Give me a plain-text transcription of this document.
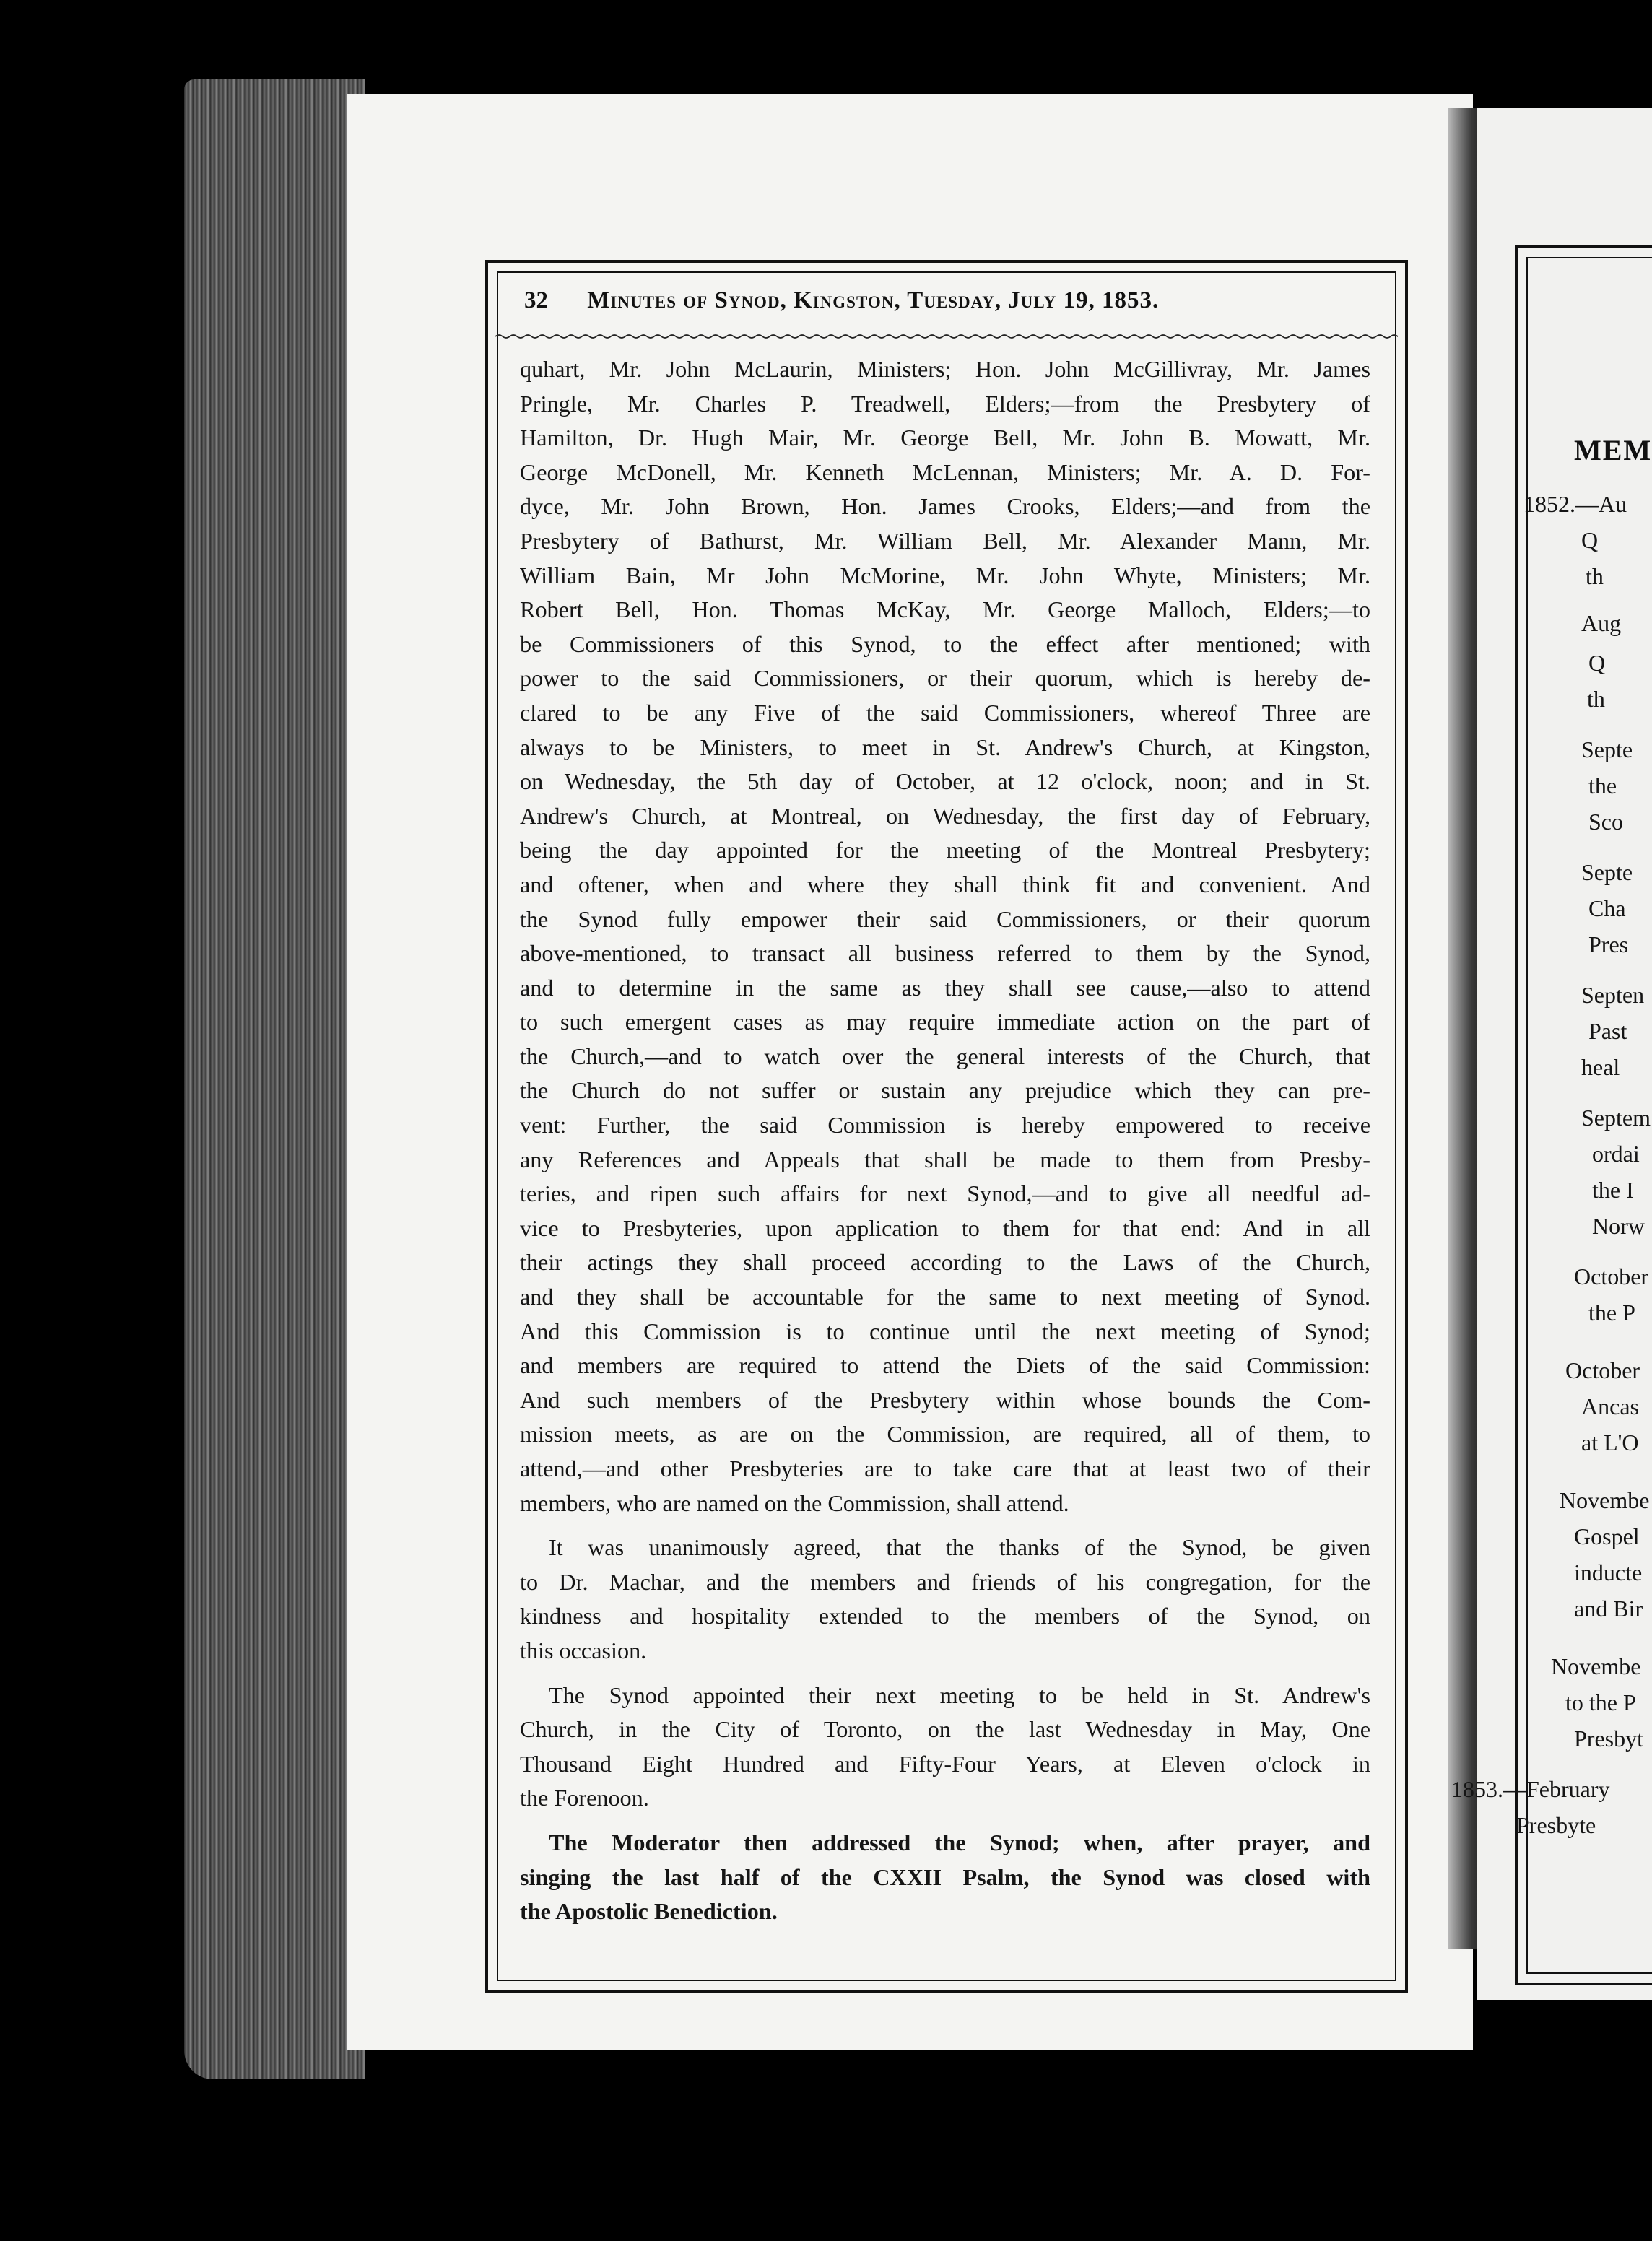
32 Minutes of Synod, Kingston, Tuesday, July 19, 1853.
quhart, Mr. John McLaurin, Ministers; Hon. John McGillivray, Mr. James
Pringle, Mr. Charles P. Treadwell, Elders;—from the Presbytery of
Hamilton, Dr. Hugh Mair, Mr. George Bell, Mr. John B. Mowatt, Mr.
George McDonell, Mr. Kenneth McLennan, Ministers; Mr. A. D. For-
dyce, Mr. John Brown, Hon. James Crooks, Elders;—and from the
Presbytery of Bathurst, Mr. William Bell, Mr. Alexander Mann, Mr.
William Bain, Mr John McMorine, Mr. John Whyte, Ministers; Mr.
Robert Bell, Hon. Thomas McKay, Mr. George Malloch, Elders;—to
be Commissioners of this Synod, to the effect after mentioned; with
power to the said Commissioners, or their quorum, which is hereby de-
clared to be any Five of the said Commissioners, whereof Three are
always to be Ministers, to meet in St. Andrew's Church, at Kingston,
on Wednesday, the 5th day of October, at 12 o'clock, noon; and in St.
Andrew's Church, at Montreal, on Wednesday, the first day of February,
being the day appointed for the meeting of the Montreal Presbytery;
and oftener, when and where they shall think fit and convenient. And
the Synod fully empower their said Commissioners, or their quorum
above-mentioned, to transact all business referred to them by the Synod,
and to determine in the same as they shall see cause,—also to attend
to such emergent cases as may require immediate action on the part of
the Church,—and to watch over the general interests of the Church, that
the Church do not suffer or sustain any prejudice which they can pre-
vent: Further, the said Commission is hereby empowered to receive
any References and Appeals that shall be made to them from Presby-
teries, and ripen such affairs for next Synod,—and to give all needful ad-
vice to Presbyteries, upon application to them for that end: And in all
their actings they shall proceed according to the Laws of the Church,
and they shall be accountable for the same to next meeting of Synod.
And this Commission is to continue until the next meeting of Synod;
and members are required to attend the Diets of the said Commission:
And such members of the Presbytery within whose bounds the Com-
mission meets, as are on the Commission, are required, all of them, to
attend,—and other Presbyteries are to take care that at least two of their
members, who are named on the Commission, shall attend.
It was unanimously agreed, that the thanks of the Synod, be given
to Dr. Machar, and the members and friends of his congregation, for the
kindness and hospitality extended to the members of the Synod, on
this occasion.
The Synod appointed their next meeting to be held in St. Andrew's
Church, in the City of Toronto, on the last Wednesday in May, One
Thousand Eight Hundred and Fifty-Four Years, at Eleven o'clock in
the Forenoon.
The Moderator then addressed the Synod; when, after prayer, and
singing the last half of the CXXII Psalm, the Synod was closed with
the Apostolic Benediction.
MEM
1852.—Au
Q
th
Aug
Q
th
Septe
the
Sco
Septe
Cha
Pres
Septen
Past
heal
Septem
ordai
the I
Norw
October
the P
October
Ancas
at L'O
Novembe
Gospel
inducte
and Bir
Novembe
to the P
Presbyt
1853.—February
Presbyte
